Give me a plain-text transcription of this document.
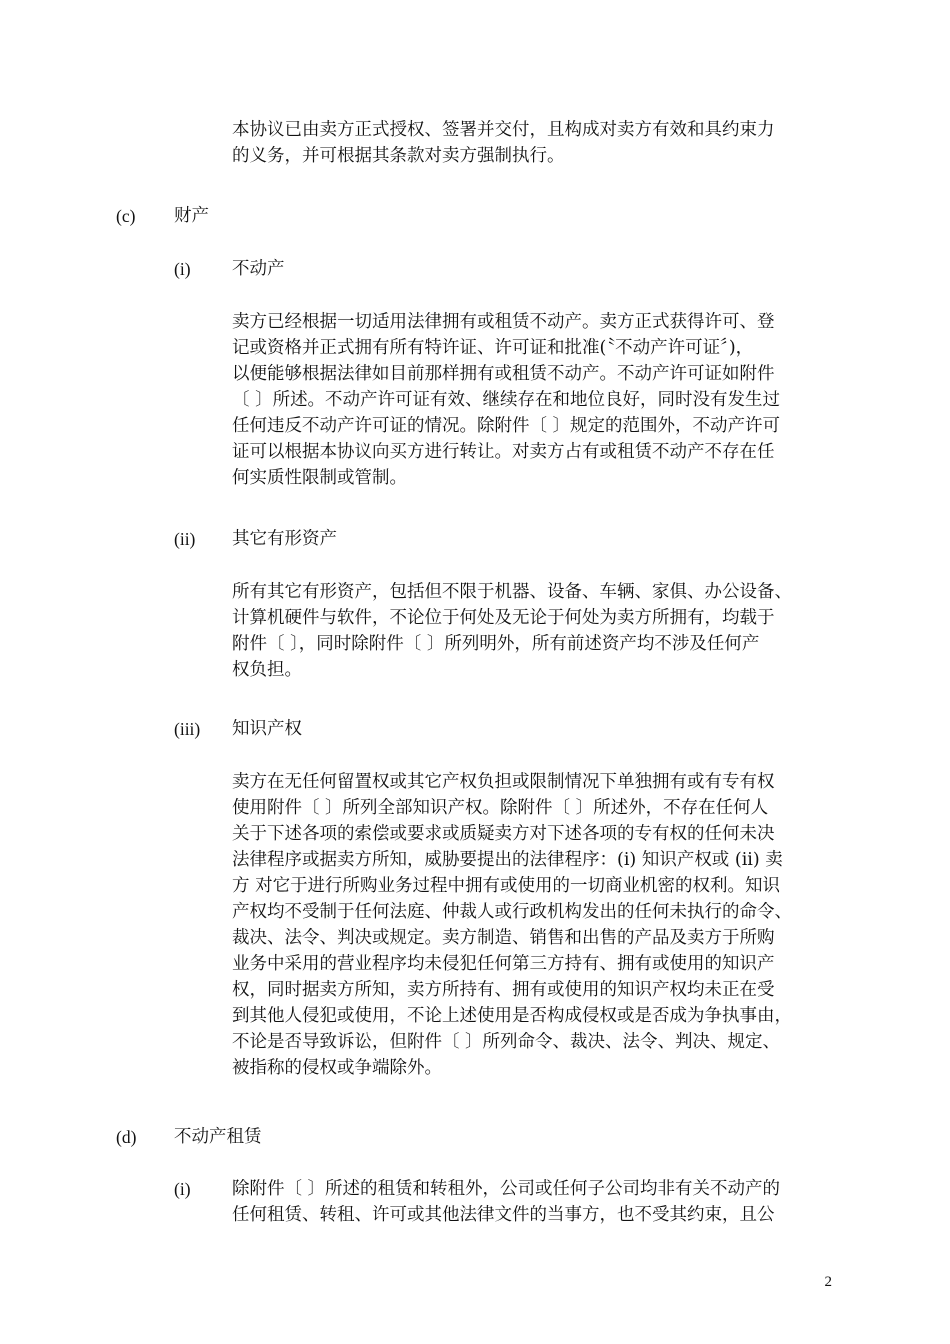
本协议已由卖方正式授权、签署并交付，且构成对卖方有效和具约束力
的义务，并可根据其条款对卖方强制执行。
(c) 财产
(i) 不动产
卖方已经根据一切适用法律拥有或租赁不动产。卖方正式获得许可、登
记或资格并正式拥有所有特许证、许可证和批准(〝不动产许可证〞)，
以便能够根据法律如目前那样拥有或租赁不动产。不动产许可证如附件
〔 〕所述。不动产许可证有效、继续存在和地位良好，同时没有发生过
任何违反不动产许可证的情况。除附件〔 〕规定的范围外，不动产许可
证可以根据本协议向买方进行转让。对卖方占有或租赁不动产不存在任
何实质性限制或管制。
(ii) 其它有形资产
所有其它有形资产，包括但不限于机器、设备、车辆、家俱、办公设备、
计算机硬件与软件，不论位于何处及无论于何处为卖方所拥有，均载于
附件〔 〕，同时除附件〔 〕所列明外，所有前述资产均不涉及任何产
权负担。
(iii) 知识产权
卖方在无任何留置权或其它产权负担或限制情况下单独拥有或有专有权
使用附件〔 〕所列全部知识产权。除附件〔 〕所述外，不存在任何人
关于下述各项的索偿或要求或质疑卖方对下述各项的专有权的任何未决
法律程序或据卖方所知，威胁要提出的法律程序：(i) 知识产权或 (ii) 卖
方 对它于进行所购业务过程中拥有或使用的一切商业机密的权利。知识
产权均不受制于任何法庭、仲裁人或行政机构发出的任何未执行的命令、
裁决、法令、判决或规定。卖方制造、销售和出售的产品及卖方于所购
业务中采用的营业程序均未侵犯任何第三方持有、拥有或使用的知识产
权，同时据卖方所知，卖方所持有、拥有或使用的知识产权均未正在受
到其他人侵犯或使用，不论上述使用是否构成侵权或是否成为争执事由，
不论是否导致诉讼，但附件〔 〕所列命令、裁决、法令、判决、规定、
被指称的侵权或争端除外。
(d) 不动产租赁
(i) 除附件〔 〕所述的租赁和转租外，公司或任何子公司均非有关不动产的
任何租赁、转租、许可或其他法律文件的当事方，也不受其约束，且公
2
